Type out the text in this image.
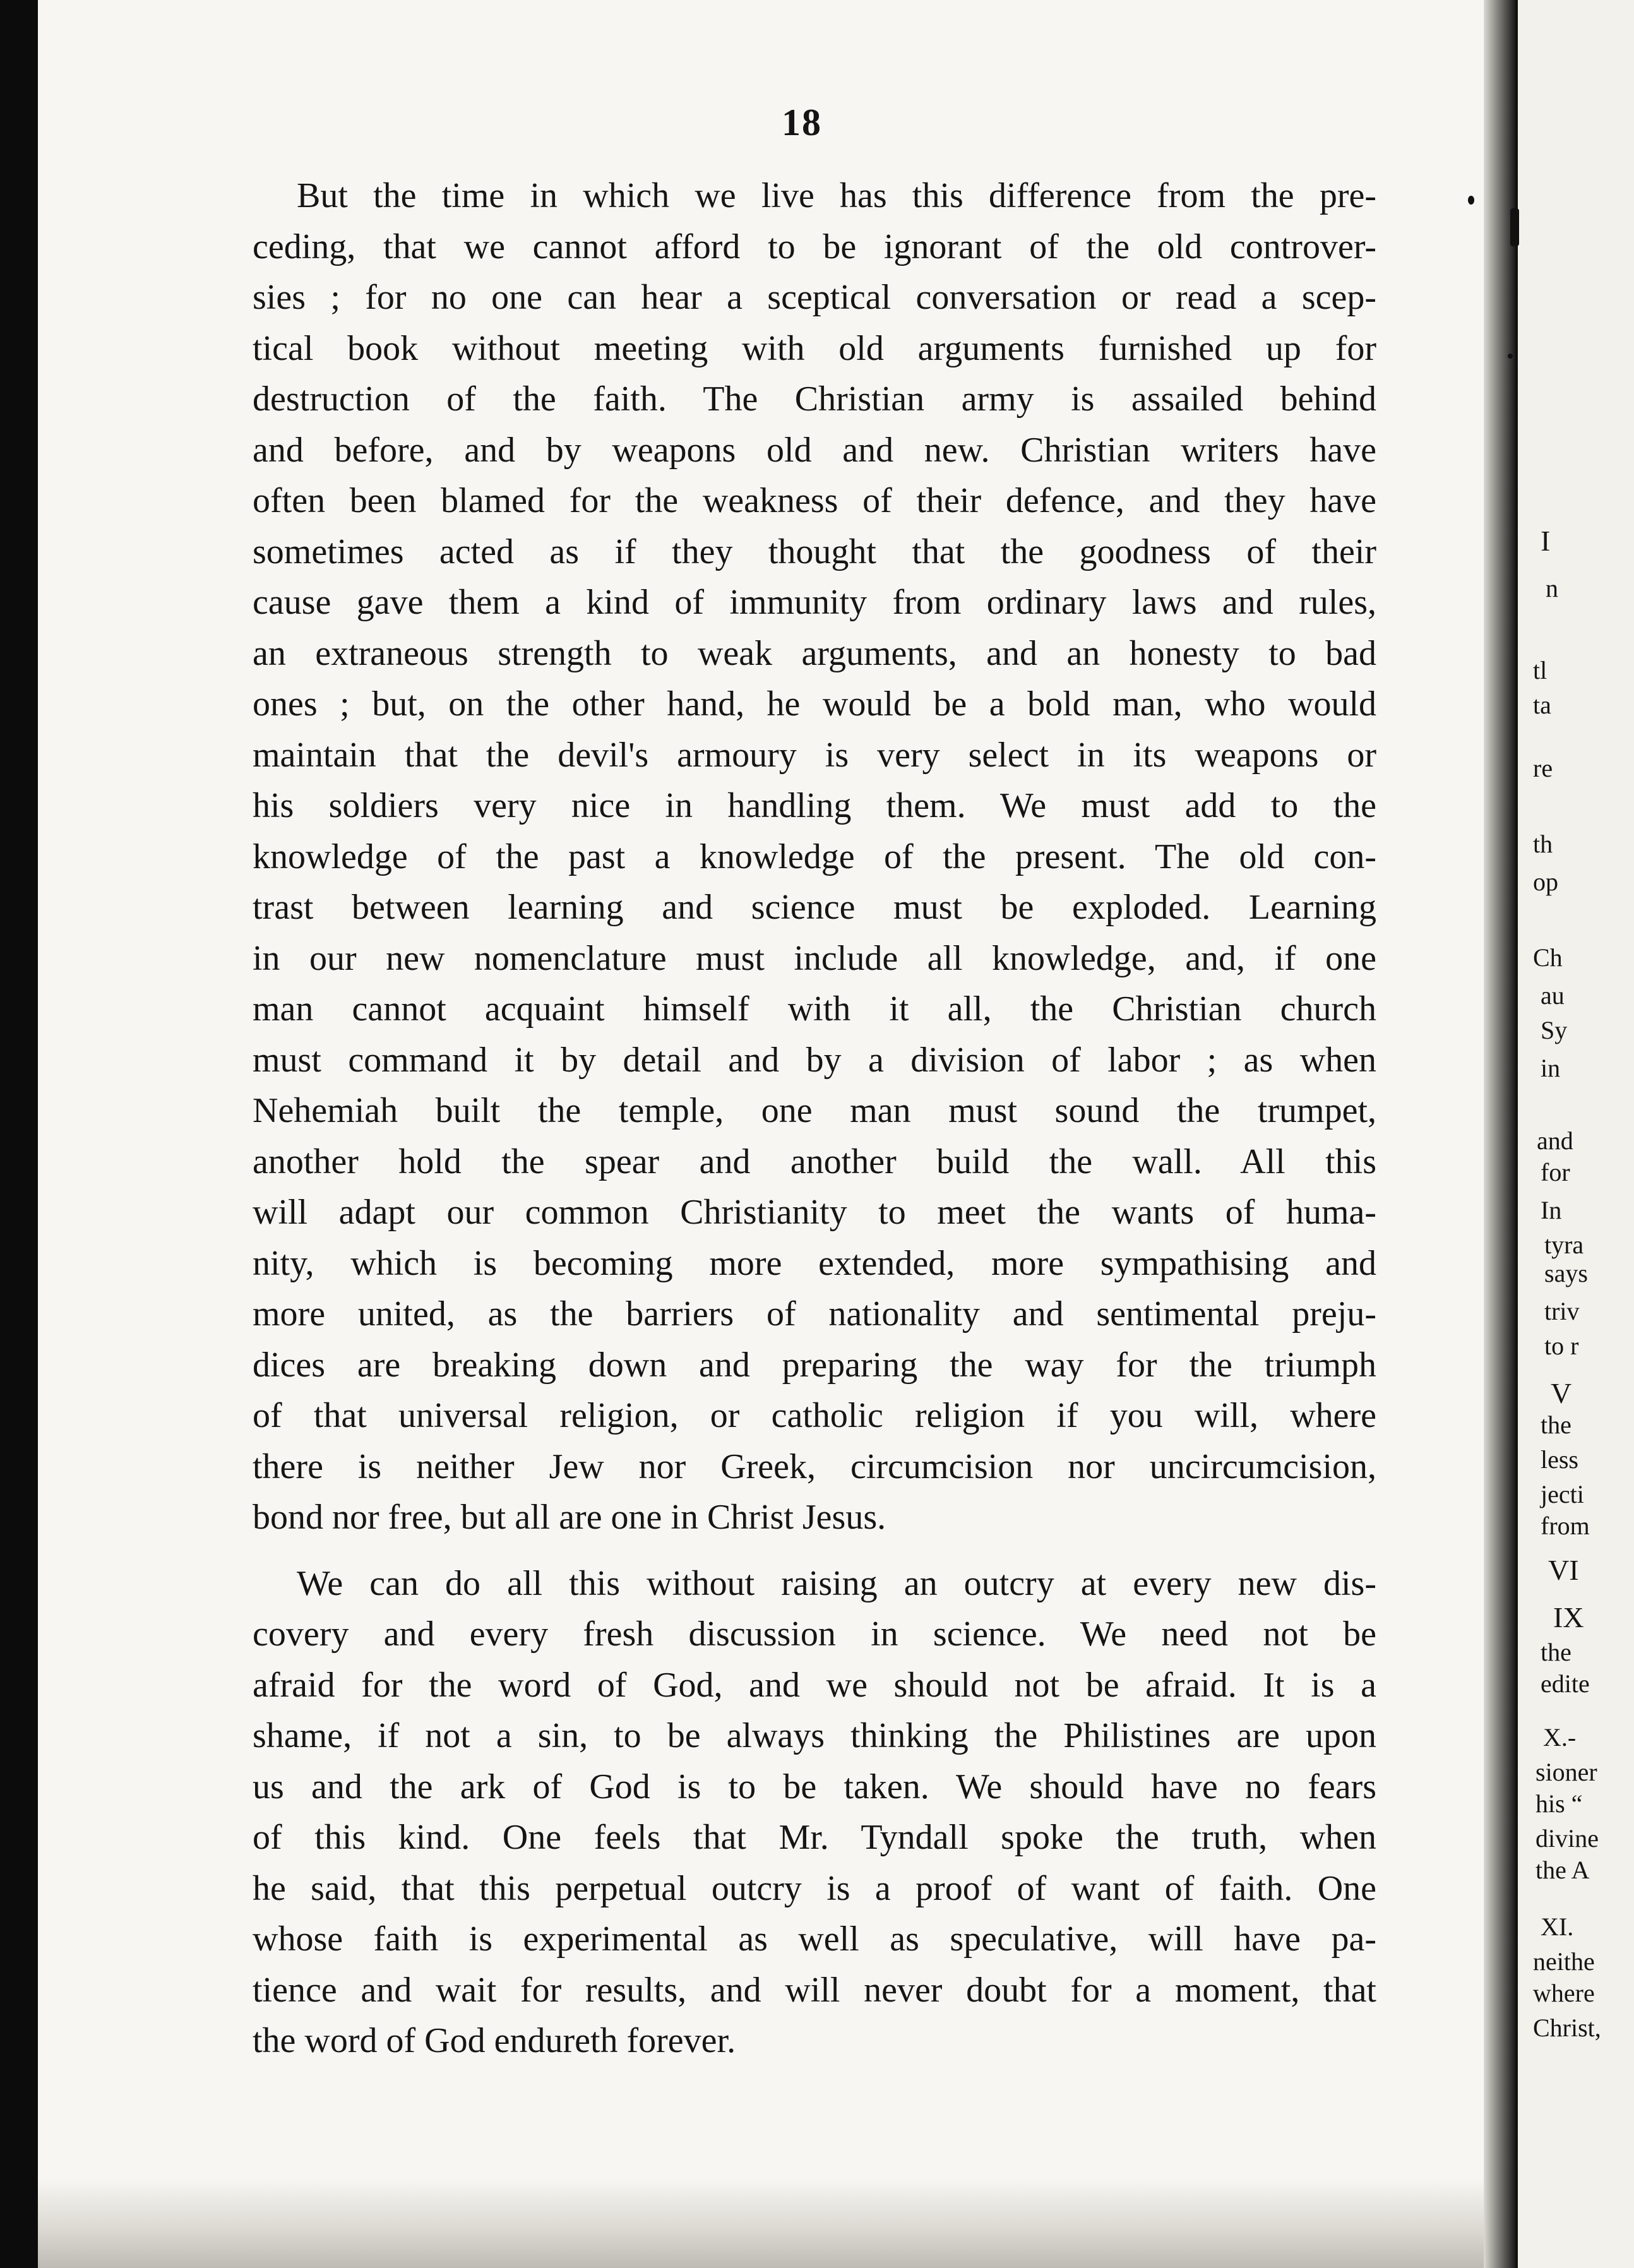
18
But the time in which we live has this difference from the pre-
ceding, that we cannot afford to be ignorant of the old controver-
sies ; for no one can hear a sceptical conversation or read a scep-
tical book without meeting with old arguments furnished up for
destruction of the faith. The Christian army is assailed behind
and before, and by weapons old and new. Christian writers have
often been blamed for the weakness of their defence, and they have
sometimes acted as if they thought that the goodness of their
cause gave them a kind of immunity from ordinary laws and rules,
an extraneous strength to weak arguments, and an honesty to bad
ones ; but, on the other hand, he would be a bold man, who would
maintain that the devil's armoury is very select in its weapons or
his soldiers very nice in handling them. We must add to the
knowledge of the past a knowledge of the present. The old con-
trast between learning and science must be exploded. Learning
in our new nomenclature must include all knowledge, and, if one
man cannot acquaint himself with it all, the Christian church
must command it by detail and by a division of labor ; as when
Nehemiah built the temple, one man must sound the trumpet,
another hold the spear and another build the wall. All this
will adapt our common Christianity to meet the wants of huma-
nity, which is becoming more extended, more sympathising and
more united, as the barriers of nationality and sentimental preju-
dices are breaking down and preparing the way for the triumph
of that universal religion, or catholic religion if you will, where
there is neither Jew nor Greek, circumcision nor uncircumcision,
bond nor free, but all are one in Christ Jesus.
We can do all this without raising an outcry at every new dis-
covery and every fresh discussion in science. We need not be
afraid for the word of God, and we should not be afraid. It is a
shame, if not a sin, to be always thinking the Philistines are upon
us and the ark of God is to be taken. We should have no fears
of this kind. One feels that Mr. Tyndall spoke the truth, when
he said, that this perpetual outcry is a proof of want of faith. One
whose faith is experimental as well as speculative, will have pa-
tience and wait for results, and will never doubt for a moment, that
the word of God endureth forever.
I
n
tl
ta
re
th
op
Ch
au
Sy
in
and
for
In
tyra
says
triv
to r
V
the
less
jecti
from
VI
IX
the
edite
X.-
sioner
his “
divine
the A
XI.
neithe
where
Christ,
